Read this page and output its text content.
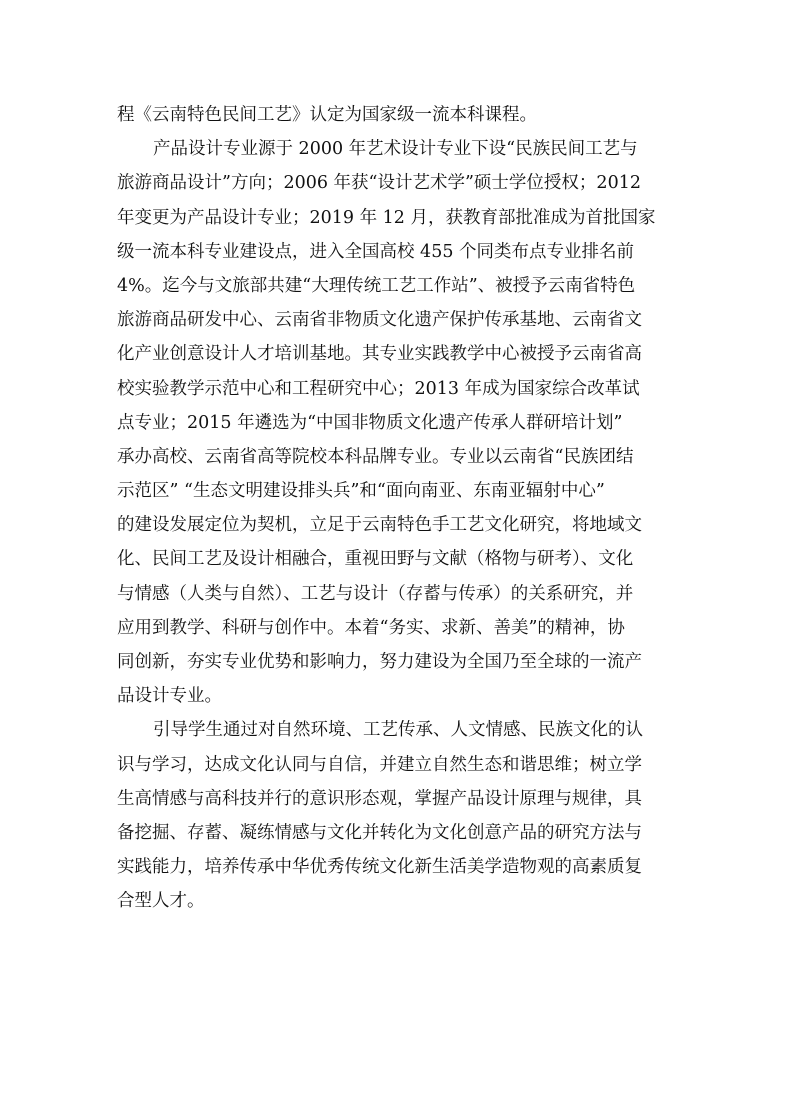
程《云南特色民间工艺》认定为国家级一流本科课程。
产品设计专业源于 2000 年艺术设计专业下设“民族民间工艺与
旅游商品设计”方向；2006 年获“设计艺术学”硕士学位授权；2012
年变更为产品设计专业；2019 年 12 月，获教育部批准成为首批国家
级一流本科专业建设点，进入全国高校 455 个同类布点专业排名前
4%。迄今与文旅部共建“大理传统工艺工作站”、被授予云南省特色
旅游商品研发中心、云南省非物质文化遗产保护传承基地、云南省文
化产业创意设计人才培训基地。其专业实践教学中心被授予云南省高
校实验教学示范中心和工程研究中心；2013 年成为国家综合改革试
点专业；2015 年遴选为“中国非物质文化遗产传承人群研培计划”
承办高校、云南省高等院校本科品牌专业。专业以云南省“民族团结
示范区” “生态文明建设排头兵”和“面向南亚、东南亚辐射中心”
的建设发展定位为契机，立足于云南特色手工艺文化研究，将地域文
化、民间工艺及设计相融合，重视田野与文献（格物与研考）、文化
与情感（人类与自然）、工艺与设计（存蓄与传承）的关系研究，并
应用到教学、科研与创作中。本着“务实、求新、善美”的精神，协
同创新，夯实专业优势和影响力，努力建设为全国乃至全球的一流产
品设计专业。
引导学生通过对自然环境、工艺传承、人文情感、民族文化的认
识与学习，达成文化认同与自信，并建立自然生态和谐思维；树立学
生高情感与高科技并行的意识形态观，掌握产品设计原理与规律，具
备挖掘、存蓄、凝练情感与文化并转化为文化创意产品的研究方法与
实践能力，培养传承中华优秀传统文化新生活美学造物观的高素质复
合型人才。
